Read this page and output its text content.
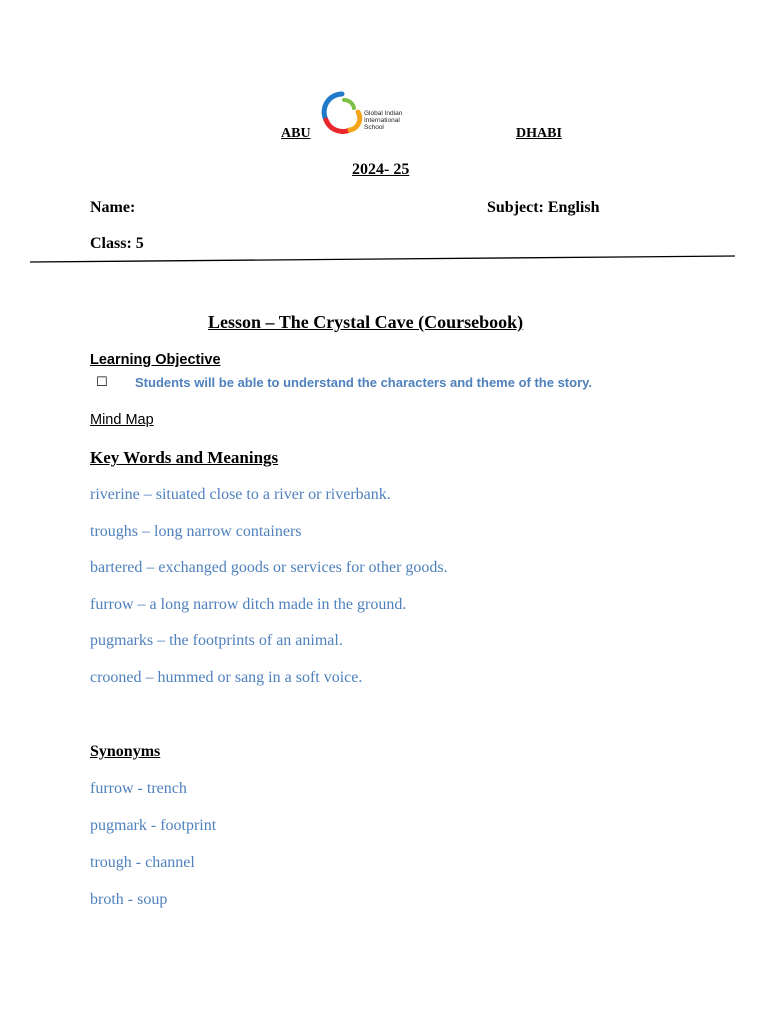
Global Indian
International
School
ABU	DHABI
2024- 25
Name:	Subject: English
Class: 5
Lesson – The Crystal Cave (Coursebook)
Learning Objective
☐ Students will be able to understand the characters and theme of the story.
Mind Map
Key Words and Meanings
riverine – situated close to a river or riverbank.
troughs – long narrow containers
bartered – exchanged goods or services for other goods.
furrow – a long narrow ditch made in the ground.
pugmarks – the footprints of an animal.
crooned – hummed or sang in a soft voice.
Synonyms
furrow - trench
pugmark - footprint
trough - channel
broth - soup
